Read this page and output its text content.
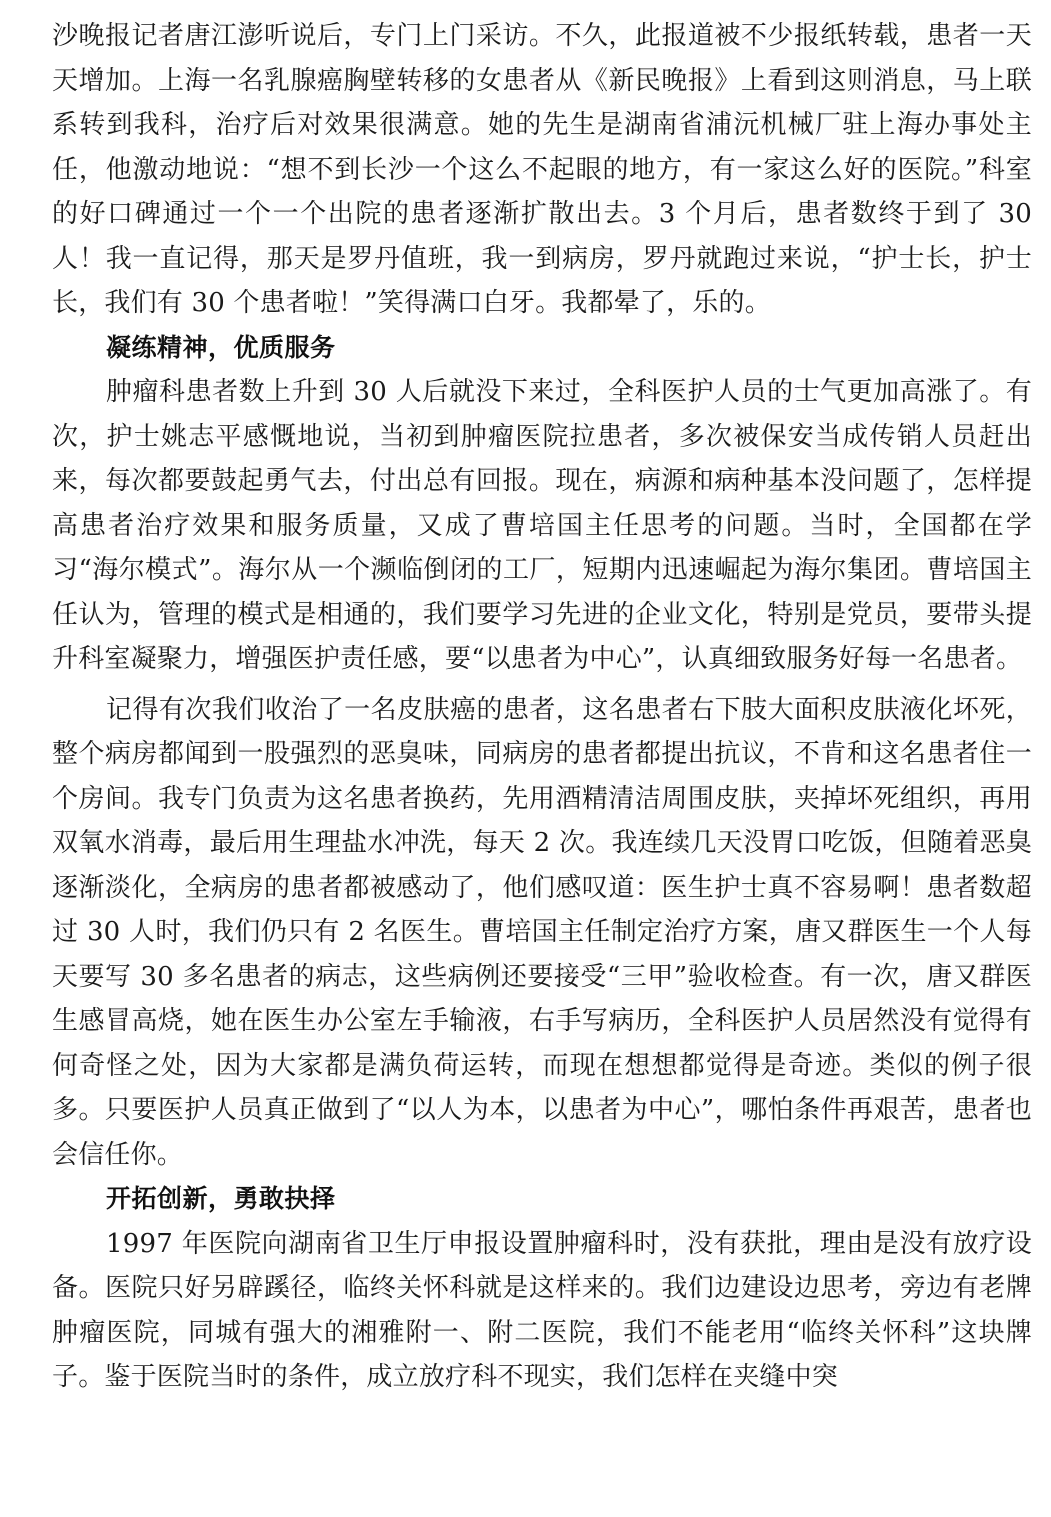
沙晚报记者唐江澎听说后，专门上门采访。不久，此报道被不少报纸转载，患者一天天增加。上海一名乳腺癌胸壁转移的女患者从《新民晚报》上看到这则消息，马上联系转到我科，治疗后对效果很满意。她的先生是湖南省浦沅机械厂驻上海办事处主任，他激动地说：“想不到长沙一个这么不起眼的地方，有一家这么好的医院。”科室的好口碑通过一个一个出院的患者逐渐扩散出去。3 个月后，患者数终于到了 30 人！我一直记得，那天是罗丹值班，我一到病房，罗丹就跑过来说，“护士长，护士长，我们有 30 个患者啦！”笑得满口白牙。我都晕了，乐的。

凝练精神，优质服务

肿瘤科患者数上升到 30 人后就没下来过，全科医护人员的士气更加高涨了。有次，护士姚志平感慨地说，当初到肿瘤医院拉患者，多次被保安当成传销人员赶出来，每次都要鼓起勇气去，付出总有回报。现在，病源和病种基本没问题了，怎样提高患者治疗效果和服务质量，又成了曹培国主任思考的问题。当时，全国都在学习“海尔模式”。海尔从一个濒临倒闭的工厂，短期内迅速崛起为海尔集团。曹培国主任认为，管理的模式是相通的，我们要学习先进的企业文化，特别是党员，要带头提升科室凝聚力，增强医护责任感，要“以患者为中心”，认真细致服务好每一名患者。

记得有次我们收治了一名皮肤癌的患者，这名患者右下肢大面积皮肤液化坏死，整个病房都闻到一股强烈的恶臭味，同病房的患者都提出抗议，不肯和这名患者住一个房间。我专门负责为这名患者换药，先用酒精清洁周围皮肤，夹掉坏死组织，再用双氧水消毒，最后用生理盐水冲洗，每天 2 次。我连续几天没胃口吃饭，但随着恶臭逐渐淡化，全病房的患者都被感动了，他们感叹道：医生护士真不容易啊！患者数超过 30 人时，我们仍只有 2 名医生。曹培国主任制定治疗方案，唐又群医生一个人每天要写 30 多名患者的病志，这些病例还要接受“三甲”验收检查。有一次，唐又群医生感冒高烧，她在医生办公室左手输液，右手写病历，全科医护人员居然没有觉得有何奇怪之处，因为大家都是满负荷运转，而现在想想都觉得是奇迹。类似的例子很多。只要医护人员真正做到了“以人为本，以患者为中心”，哪怕条件再艰苦，患者也会信任你。

开拓创新，勇敢抉择

1997 年医院向湖南省卫生厅申报设置肿瘤科时，没有获批，理由是没有放疗设备。医院只好另辟蹊径，临终关怀科就是这样来的。我们边建设边思考，旁边有老牌肿瘤医院，同城有强大的湘雅附一、附二医院，我们不能老用“临终关怀科”这块牌子。鉴于医院当时的条件，成立放疗科不现实，我们怎样在夹缝中突
